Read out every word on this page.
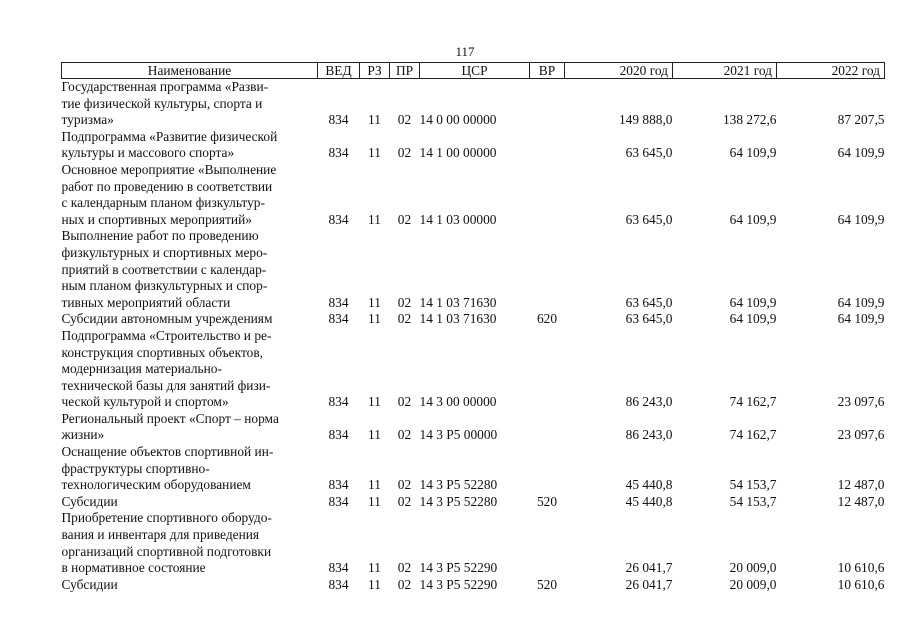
117
Наименование	ВЕД	РЗ	ПР	ЦСР	ВР	2020 год	2021 год	2022 год

Государственная программа «Разви-
тие физической культуры, спорта и
туризма»	834	11	02	14 0 00 00000		149 888,0	138 272,6	87 207,5

Подпрограмма «Развитие физической
культуры и массового спорта»	834	11	02	14 1 00 00000		63 645,0	64 109,9	64 109,9

Основное мероприятие «Выполнение
работ по проведению в соответствии
с календарным планом физкультур-
ных и спортивных мероприятий»	834	11	02	14 1 03 00000		63 645,0	64 109,9	64 109,9

Выполнение работ по проведению
физкультурных и спортивных меро-
приятий в соответствии с календар-
ным планом физкультурных и спор-
тивных мероприятий области	834	11	02	14 1 03 71630		63 645,0	64 109,9	64 109,9

Субсидии автономным учреждениям	834	11	02	14 1 03 71630	620	63 645,0	64 109,9	64 109,9

Подпрограмма «Строительство и ре-
конструкция спортивных объектов,
модернизация материально-
технической базы для занятий физи-
ческой культурой и спортом»	834	11	02	14 3 00 00000		86 243,0	74 162,7	23 097,6

Региональный проект «Спорт – норма
жизни»	834	11	02	14 3 P5 00000		86 243,0	74 162,7	23 097,6

Оснащение объектов спортивной ин-
фраструктуры спортивно-
технологическим оборудованием	834	11	02	14 3 P5 52280		45 440,8	54 153,7	12 487,0

Субсидии	834	11	02	14 3 P5 52280	520	45 440,8	54 153,7	12 487,0

Приобретение спортивного оборудо-
вания и инвентаря для приведения
организаций спортивной подготовки
в нормативное состояние	834	11	02	14 3 P5 52290		26 041,7	20 009,0	10 610,6

Субсидии	834	11	02	14 3 P5 52290	520	26 041,7	20 009,0	10 610,6
